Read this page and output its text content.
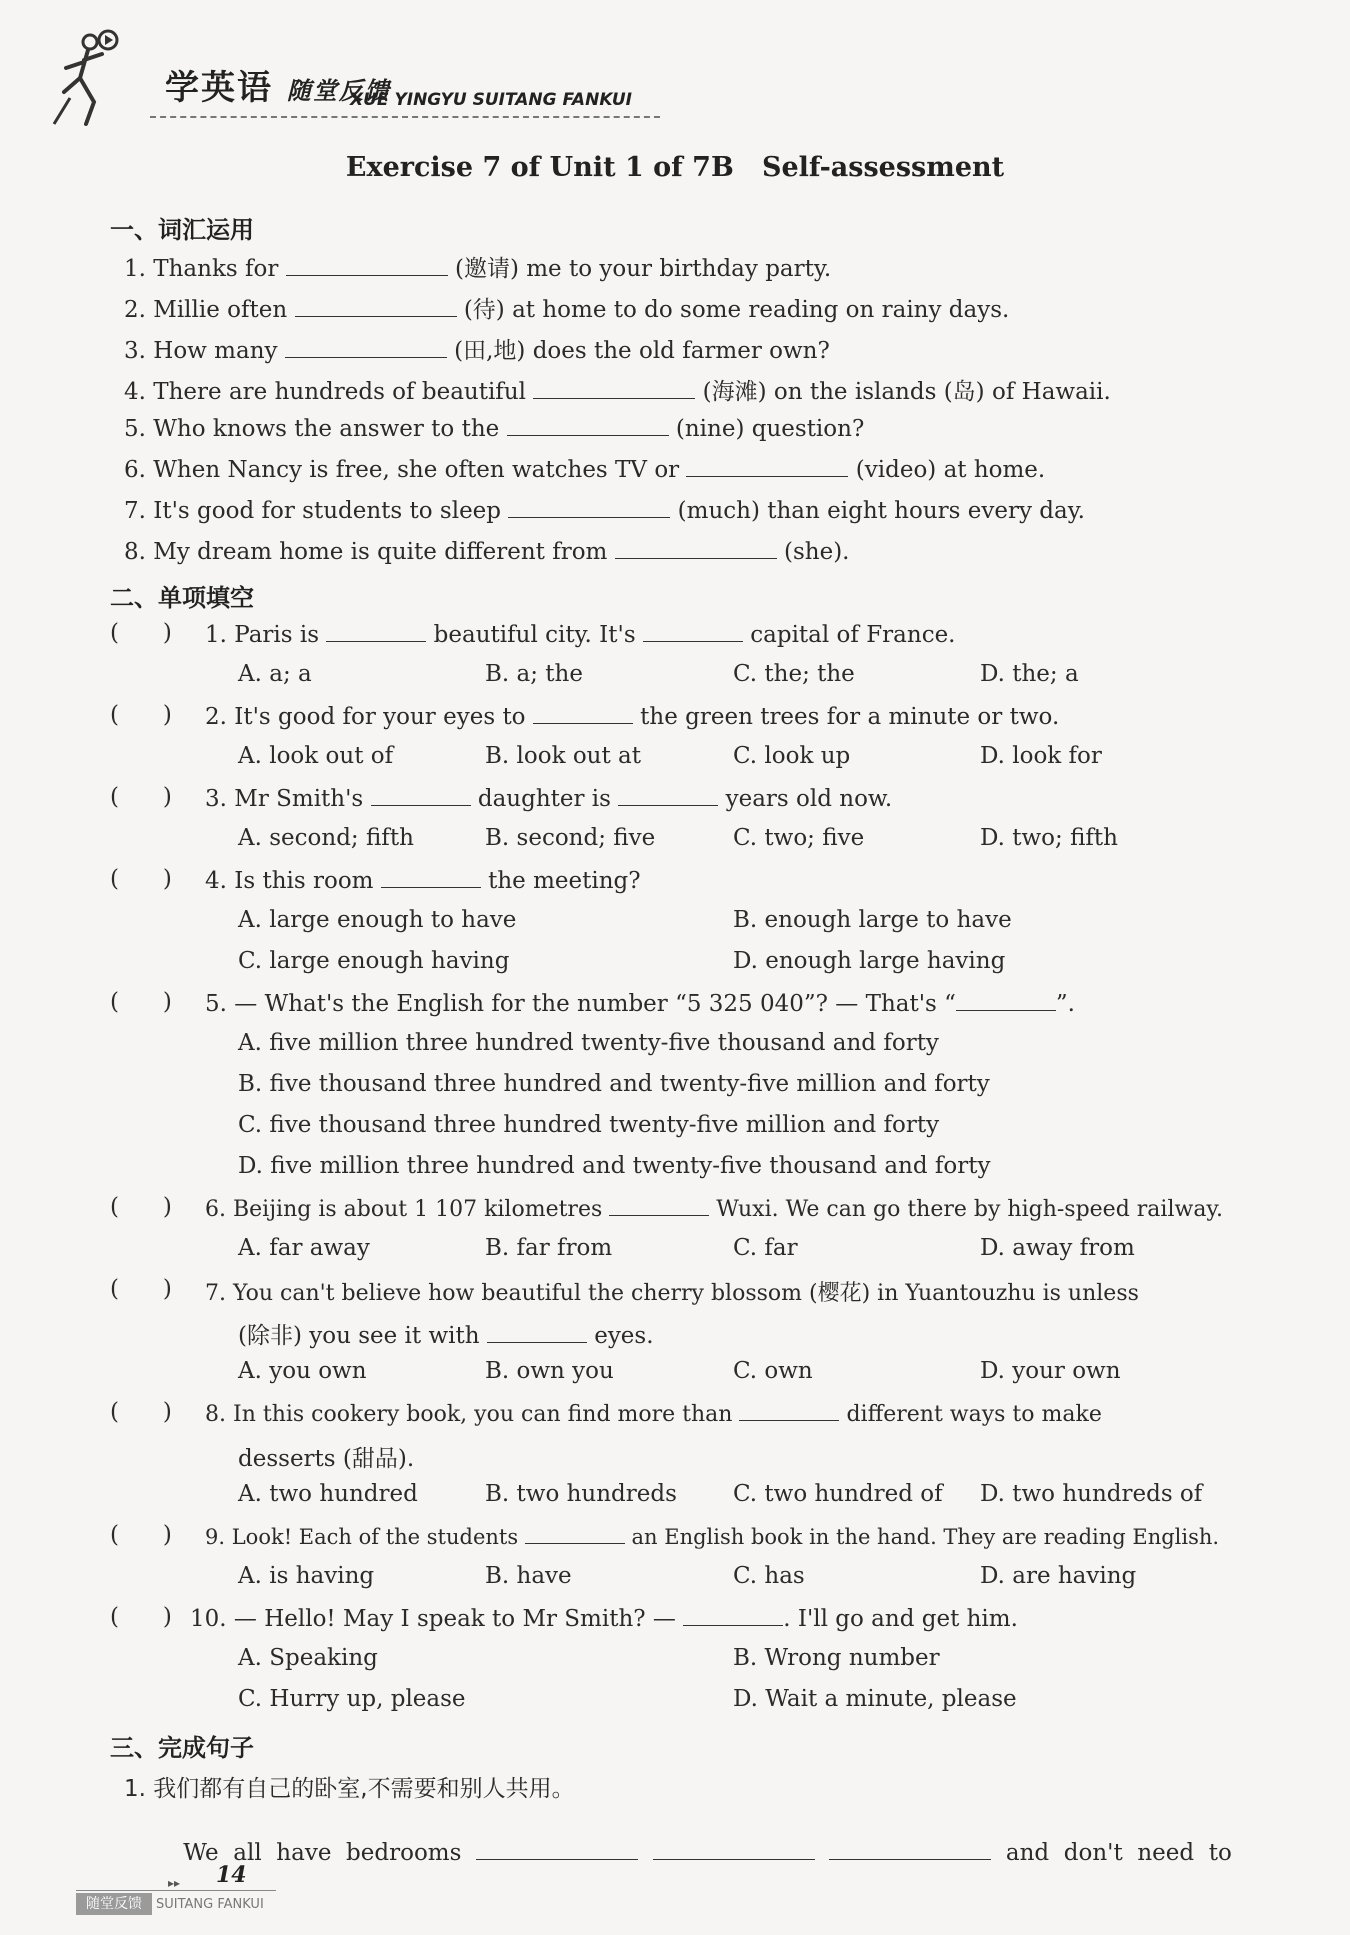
学英语 随堂反馈
XUE YINGYU SUITANG FANKUI
Exercise 7 of Unit 1 of 7B   Self-assessment
一、词汇运用
1. Thanks for	(邀请) me to your birthday party.
2. Millie often	(待) at home to do some reading on rainy days.
3. How many	(田,地) does the old farmer own?
4. There are hundreds of beautiful	(海滩) on the islands (岛) of Hawaii.
5. Who knows the answer to the	(nine) question?
6. When Nancy is free, she often watches TV or	(video) at home.
7. It's good for students to sleep	(much) than eight hours every day.
8. My dream home is quite different from	(she).
二、单项填空
(      ) 1. Paris is	beautiful city. It's	capital of France.
A. a; a	B. a; the	C. the; the	D. the; a
(      ) 2. It's good for your eyes to	the green trees for a minute or two.
A. look out of	B. look out at	C. look up	D. look for
(      ) 3. Mr Smith's	daughter is	years old now.
A. second; fifth	B. second; five	C. two; five	D. two; fifth
(      ) 4. Is this room	the meeting?
A. large enough to have	B. enough large to have
C. large enough having	D. enough large having
(      ) 5. — What's the English for the number “5 325 040”? — That's “	”.
A. five million three hundred twenty-five thousand and forty
B. five thousand three hundred and twenty-five million and forty
C. five thousand three hundred twenty-five million and forty
D. five million three hundred and twenty-five thousand and forty
(      ) 6. Beijing is about 1 107 kilometres	Wuxi. We can go there by high-speed railway.
A. far away	B. far from	C. far	D. away from
(      ) 7. You can't believe how beautiful the cherry blossom (樱花) in Yuantouzhu is unless
(除非) you see it with	eyes.
A. you own	B. own you	C. own	D. your own
(      ) 8. In this cookery book, you can find more than	different ways to make
desserts (甜品).
A. two hundred	B. two hundreds C. two hundred of D. two hundreds of
(      ) 9. Look! Each of the students	an English book in the hand. They are reading English.
A. is having	B. have	C. has	D. are having
(      ) 10. — Hello! May I speak to Mr Smith? —	. I'll go and get him.
A. Speaking	B. Wrong number
C. Hurry up, please	D. Wait a minute, please
三、完成句子
1. 我们都有自己的卧室,不需要和别人共用。

We  all  have  bedrooms	and  don't  need  to

▸▸ 14
随堂反馈	SUITANG FANKUI
